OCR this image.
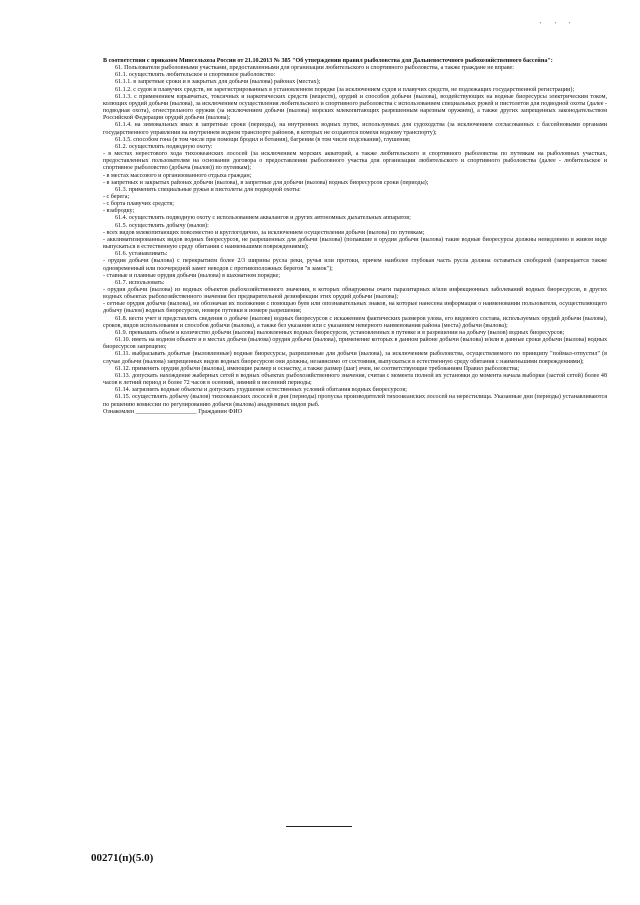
' ' '

В соответствии с приказом Минсельхоза России от 21.10.2013 № 385 "Об утверждении правил рыболовства для Дальневосточного рыбохозяйственного бассейна":

61. Пользователи рыболовными участками, предоставленными для организации любительского и спортивного рыболовства, а также граждане не вправе:

61.1. осуществлять любительское и спортивное рыболовство:

61.1.1. в запретные сроки и в закрытых для добычи (вылова) районах (местах);

61.1.2. с судов и плавучих средств, не зарегистрированных в установленном порядке (за исключением судов и плавучих средств, не подлежащих государственной регистрации);

61.1.3. с применением взрывчатых, токсичных и наркотических средств (веществ), орудий и способов добычи (вылова), воздействующих на водные биоресурсы электрическим током, колющих орудий добычи (вылова), за исключением осуществления любительского и спортивного рыболовства с использованием специальных ружей и пистолетов для подводной охоты (далее - подводная охота), огнестрельного оружия (за исключением добычи (вылова) морских млекопитающих разрешенным нарезным оружием), а также других запрещенных законодательством Российской Федерации орудий добычи (вылова);

61.1.4. на зимовальных ямах в запретные сроки (периоды), на внутренних водных путях, используемых для судоходства (за исключением согласованных с бассейновыми органами государственного управления на внутреннем водном транспорте районов, в которых не создаются помехи водному транспорту);

61.1.5. способом гона (в том числе при помощи бродил и ботания), багрения (в том числе подсекания), глушения;

61.2. осуществлять подводную охоту:

- в местах нерестового хода тихоокеанских лососей (за исключением морских акваторий, а также любительского и спортивного рыболовства по путевкам на рыболовных участках, предоставленных пользователям на основании договора о предоставлении рыболовного участка для организации любительского и спортивного рыболовства (далее - любительское и спортивное рыболовство (добыча (вылов)) по путевкам);

- в местах массового и организованного отдыха граждан;

- в запретных и закрытых районах добычи (вылова), в запретные для добычи (вылова) водных биоресурсов сроки (периоды);

61.3. применять специальные ружья и пистолеты для подводной охоты:

- с берега;

- с борта плавучих средств;

- взабродку;

61.4. осуществлять подводную охоту с использованием аквалангов и других автономных дыхательных аппаратов;

61.5. осуществлять добычу (вылов):

- всех видов млекопитающих повсеместно и круглогодично, за исключением осуществления добычи (вылова) по путевкам;

- акклиматизированных видов водных биоресурсов, не разрешенных для добычи (вылова) (попавшие в орудия добычи (вылова) такие водные биоресурсы должны немедленно в живом виде выпускаться в естественную среду обитания с наименьшими повреждениями);

61.6. устанавливать:

- орудия добычи (вылова) с перекрытием более 2/3 ширины русла реки, ручья или протоки, причем наиболее глубокая часть русла должна оставаться свободной (запрещается также одновременный или поочередной замет неводов с противоположных берегов "в замок");

- ставные и плавные орудия добычи (вылова) в шахматном порядке;

61.7. использовать:

- орудия добычи (вылова) из водных объектов рыбохозяйственного значения, в которых обнаружены очаги паразитарных и/или инфекционных заболеваний водных биоресурсов, в других водных объектах рыбохозяйственного значения без предварительной дезинфекции этих орудий добычи (вылова);

- сетные орудия добычи (вылова), не обозначая их положения с помощью буев или опознавательных знаков, на которые нанесена информация о наименовании пользователя, осуществляющего добычу (вылов) водных биоресурсов, номере путевки и номере разрешения;

61.8. вести учет и представлять сведения о добыче (вылове) водных биоресурсов с искажением фактических размеров улова, его видового состава, используемых орудий добычи (вылова), сроков, видов использования и способов добычи (вылова), а также без указания или с указанием неверного наименования района (места) добычи (вылова);

61.9. превышать объем и количество добычи (вылова) выловленных водных биоресурсов, установленных в путевке и в разрешении на добычу (вылов) водных биоресурсов;

61.10. иметь на водном объекте и в местах добычи (вылова) орудия добычи (вылова), применение которых в данном районе добычи (вылова) и/или в данные сроки добычи (вылова) водных биоресурсов запрещено;

61.11. выбрасывать добытые (выловленные) водные биоресурсы, разрешенные для добычи (вылова), за исключением рыболовства, осуществляемого по принципу "поймал-отпустил" (в случае добычи (вылова) запрещенных видов водных биоресурсов они должны, независимо от состояния, выпускаться в естественную среду обитания с наименьшими повреждениями);

61.12. применять орудия добычи (вылова), имеющие размер и оснастку, а также размер (шаг) ячеи, не соответствующие требованиям Правил рыболовства;

61.13. допускать нахождение жаберных сетей в водных объектах рыбохозяйственного значения, считая с момента полной их установки до момента начала выборки (застой сетей) более 48 часов в летний период и более 72 часов в осенний, зимний и весенний периоды;

61.14. загрязнять водные объекты и допускать ухудшение естественных условий обитания водных биоресурсов;

61.15. осуществлять добычу (вылов) тихоокеанских лососей в дни (периоды) пропуска производителей тихоокеанских лососей на нерестилища. Указанные дни (периоды) устанавливаются по решению комиссии по регулированию добычи (вылова) анадромных видов рыб.

Ознакомлен ____________________ Гражданин ФИО

00271(п)(5.0)
